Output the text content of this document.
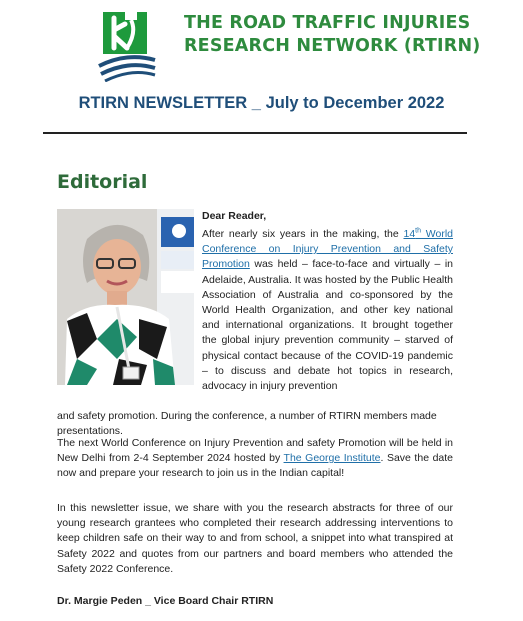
THE ROAD TRAFFIC INJURIES
RESEARCH NETWORK (RTIRN)
RTIRN NEWSLETTER _ July to December 2022
Editorial
Dear Reader,
After nearly six years in the making, the 14th World Conference on Injury Prevention and Safety Promotion was held – face-to-face and virtually – in Adelaide, Australia. It was hosted by the Public Health Association of Australia and co-sponsored by the World Health Organization, and other key national and international organizations. It brought together the global injury prevention community – starved of physical contact because of the COVID-19 pandemic – to discuss and debate hot topics in research, advocacy in injury prevention
and safety promotion. During the conference, a number of RTIRN members made presentations.
The next World Conference on Injury Prevention and safety Promotion will be held in New Delhi from 2-4 September 2024 hosted by The George Institute. Save the date now and prepare your research to join us in the Indian capital!
In this newsletter issue, we share with you the research abstracts for three of our young research grantees who completed their research addressing interventions to keep children safe on their way to and from school, a snippet into what transpired at Safety 2022 and quotes from our partners and board members who attended the Safety 2022 Conference.
Dr. Margie Peden _ Vice Board Chair RTIRN
